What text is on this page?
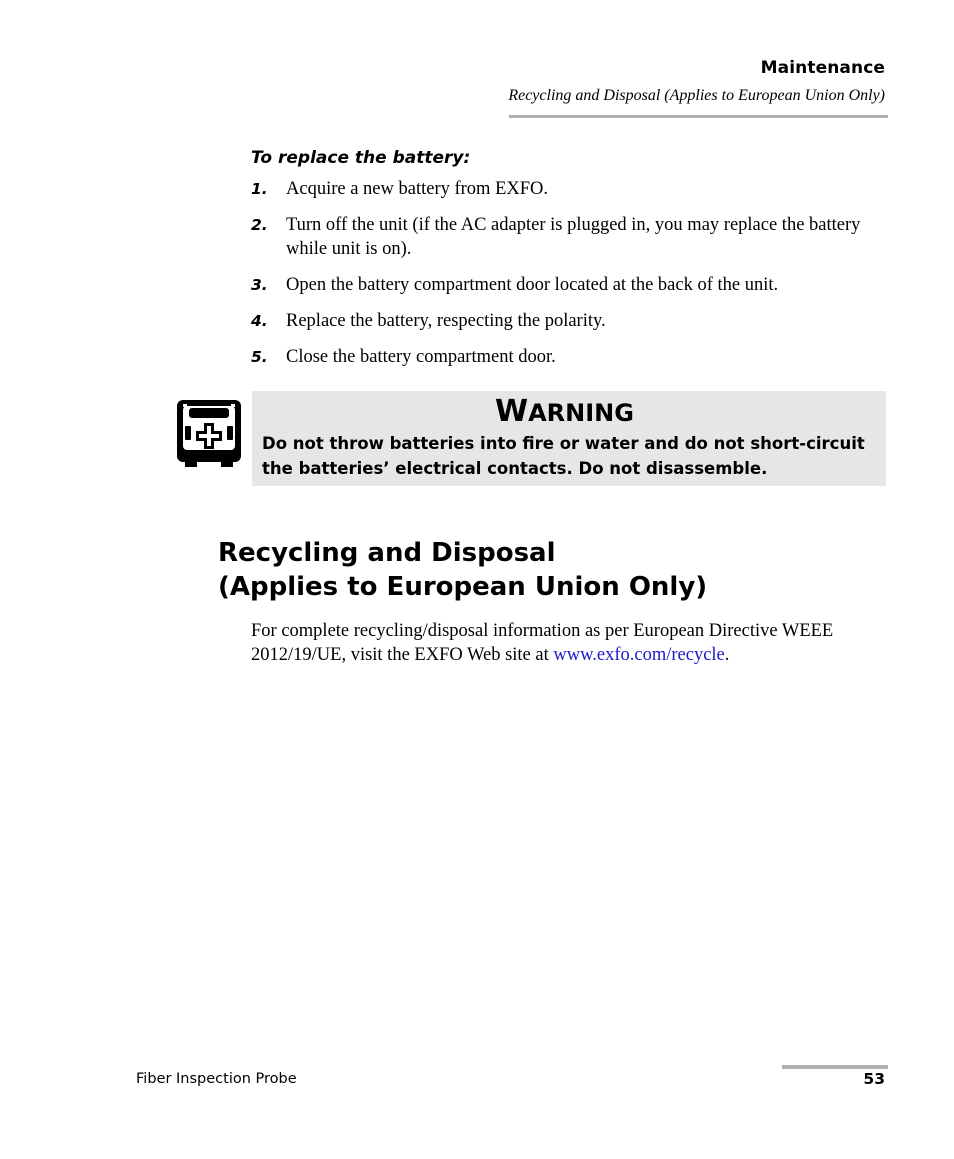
Maintenance
Recycling and Disposal (Applies to European Union Only)
To replace the battery:
1. Acquire a new battery from EXFO.
2. Turn off the unit (if the AC adapter is plugged in, you may replace the battery while unit is on).
3. Open the battery compartment door located at the back of the unit.
4. Replace the battery, respecting the polarity.
5. Close the battery compartment door.
WARNING
Do not throw batteries into fire or water and do not short-circuit the batteries’ electrical contacts. Do not disassemble.
Recycling and Disposal
(Applies to European Union Only)
For complete recycling/disposal information as per European Directive WEEE 2012/19/UE, visit the EXFO Web site at www.exfo.com/recycle.
Fiber Inspection Probe	53
